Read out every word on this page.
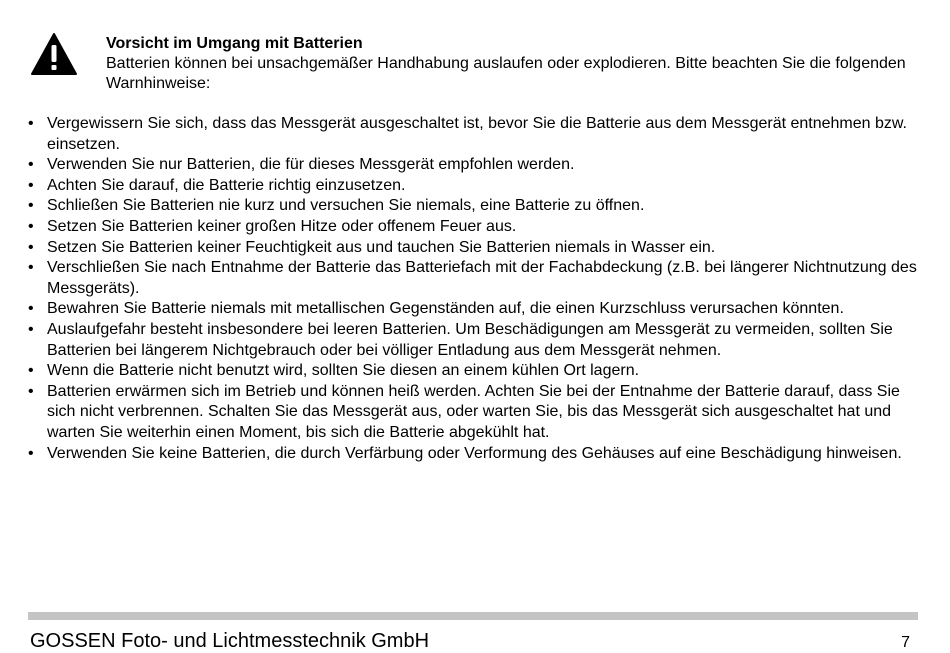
Vorsicht im Umgang mit Batterien
Batterien können bei unsachgemäßer Handhabung auslaufen oder explodieren. Bitte beachten Sie die folgenden Warnhinweise:
• Vergewissern Sie sich, dass das Messgerät ausgeschaltet ist, bevor Sie die Batterie aus dem Messgerät entnehmen bzw. einsetzen.
• Verwenden Sie nur Batterien, die für dieses Messgerät empfohlen werden.
• Achten Sie darauf, die Batterie richtig einzusetzen.
• Schließen Sie Batterien nie kurz und versuchen Sie niemals, eine Batterie zu öffnen.
• Setzen Sie Batterien keiner großen Hitze oder offenem Feuer aus.
• Setzen Sie Batterien keiner Feuchtigkeit aus und tauchen Sie Batterien niemals in Wasser ein.
• Verschließen Sie nach Entnahme der Batterie das Batteriefach mit der Fachabdeckung (z.B. bei längerer Nichtnutzung des Messgeräts).
• Bewahren Sie Batterie niemals mit metallischen Gegenständen auf, die einen Kurzschluss verursachen könnten.
• Auslaufgefahr besteht insbesondere bei leeren Batterien. Um Beschädigungen am Messgerät zu vermeiden, sollten Sie Batterien bei längerem Nichtgebrauch oder bei völliger Entladung aus dem Messgerät nehmen.
• Wenn die Batterie nicht benutzt wird, sollten Sie diesen an einem kühlen Ort lagern.
• Batterien erwärmen sich im Betrieb und können heiß werden. Achten Sie bei der Entnahme der Batterie darauf, dass Sie sich nicht verbrennen. Schalten Sie das Messgerät aus, oder warten Sie, bis das Messgerät sich ausgeschaltet hat und warten Sie weiterhin einen Moment, bis sich die Batterie abgekühlt hat.
• Verwenden Sie keine Batterien, die durch Verfärbung oder Verformung des Gehäuses auf eine Beschädigung hinweisen.
GOSSEN Foto- und Lichtmesstechnik GmbH	7
